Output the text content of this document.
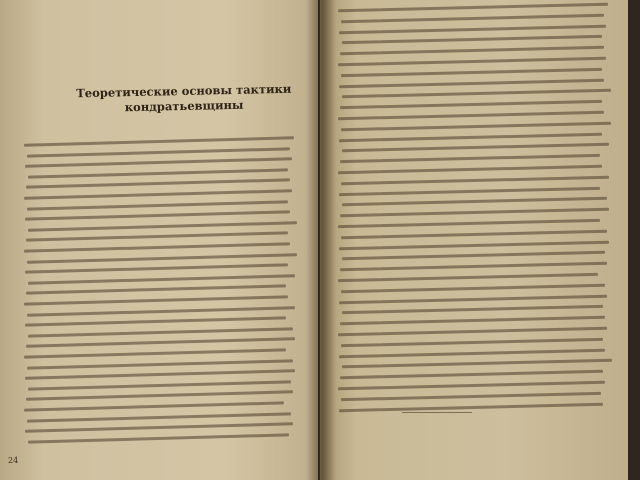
Теоретические основы тактики кондратьевщины
24
